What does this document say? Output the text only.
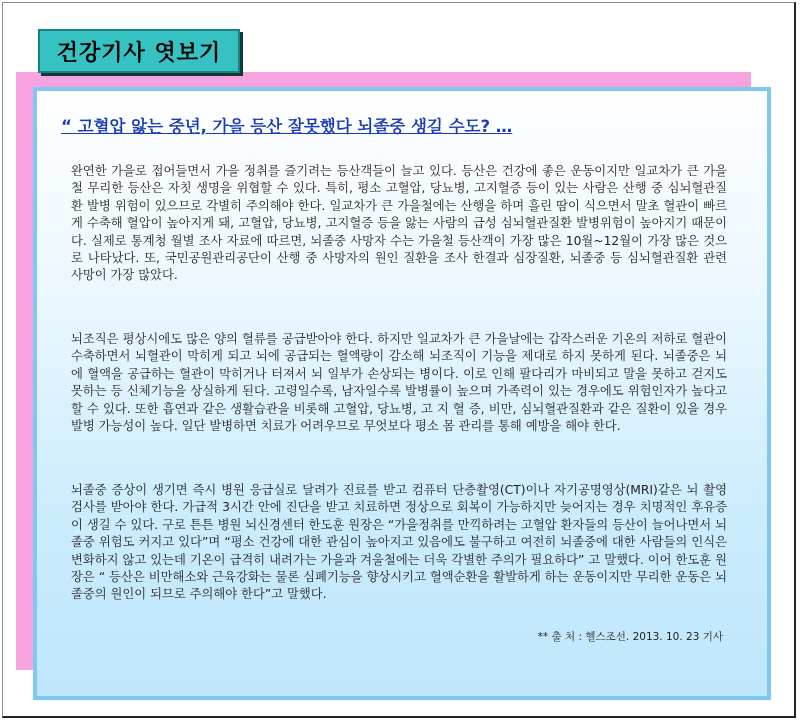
“ 고혈압 앓는 중년, 가을 등산 잘못했다 뇌졸중 생길 수도? …

완연한 가을로 접어들면서 가을 정취를 즐기려는 등산객들이 늘고 있다. 등산은 건강에 좋은 운동이지만 일교차가 큰 가을철 무리한 등산은 자칫 생명을 위협할 수 있다. 특히, 평소 고혈압, 당뇨병, 고지혈증 등이 있는 사람은 산행 중 심뇌혈관질환 발병 위험이 있으므로 각별히 주의해야 한다. 일교차가 큰 가을철에는 산행을 하며 흘린 땀이 식으면서 말초 혈관이 빠르게 수축해 혈압이 높아지게 돼, 고혈압, 당뇨병, 고지혈증 등을 앓는 사람의 급성 심뇌혈관질환 발병위험이 높아지기 때문이다. 실제로 통계청 월별 조사 자료에 따르면, 뇌졸중 사망자 수는 가을철 등산객이 가장 많은 10월~12월이 가장 많은 것으로 나타났다. 또, 국민공원관리공단이 산행 중 사망자의 원인 질환을 조사 한결과 심장질환, 뇌졸중 등 심뇌혈관질환 관련 사망이 가장 많았다.

뇌조직은 평상시에도 많은 양의 혈류를 공급받아야 한다. 하지만 일교차가 큰 가을날에는 갑작스러운 기온의 저하로 혈관이 수축하면서 뇌혈관이 막히게 되고 뇌에 공급되는 혈액량이 감소해 뇌조직이 기능을 제대로 하지 못하게 된다. 뇌졸중은 뇌에 혈액을 공급하는 혈관이 막히거나 터져서 뇌 일부가 손상되는 병이다. 이로 인해 팔다리가 마비되고 말을 못하고 걷지도 못하는 등 신체기능을 상실하게 된다. 고령일수록, 남자일수록 발병률이 높으며 가족력이 있는 경우에도 위험인자가 높다고 할 수 있다. 또한 흡연과 같은 생활습관을 비롯해 고혈압, 당뇨병, 고 지 혈 증, 비만, 심뇌혈관질환과 같은 질환이 있을 경우 발병 가능성이 높다. 일단 발병하면 치료가 어려우므로 무엇보다 평소 몸 관리를 통해 예방을 해야 한다.

뇌졸중 증상이 생기면 즉시 병원 응급실로 달려가 진료를 받고 컴퓨터 단층촬영(CT)이나 자기공명영상(MRI)같은 뇌 촬영 검사를 받아야 한다. 가급적 3시간 안에 진단을 받고 치료하면 정상으로 회복이 가능하지만 늦어지는 경우 치명적인 후유증이 생길 수 있다. 구로 튼튼 병원 뇌신경센터 한도훈 원장은 “가을정취를 만끽하려는 고혈압 환자들의 등산이 늘어나면서 뇌졸중 위험도 커지고 있다”며 “평소 건강에 대한 관심이 높아지고 있음에도 불구하고 여전히 뇌졸중에 대한 사람들의 인식은 변화하지 않고 있는데 기온이 급격히 내려가는 가을과 겨울철에는 더욱 각별한 주의가 필요하다” 고 말했다. 이어 한도훈 원장은 “ 등산은 비만해소와 근육강화는 물론 심폐기능을 향상시키고 혈액순환을 활발하게 하는 운동이지만 무리한 운동은 뇌졸중의 원인이 되므로 주의해야 한다”고 말했다.

** 출 처 : 헬스조선. 2013. 10. 23 기사
건강기사 엿보기
